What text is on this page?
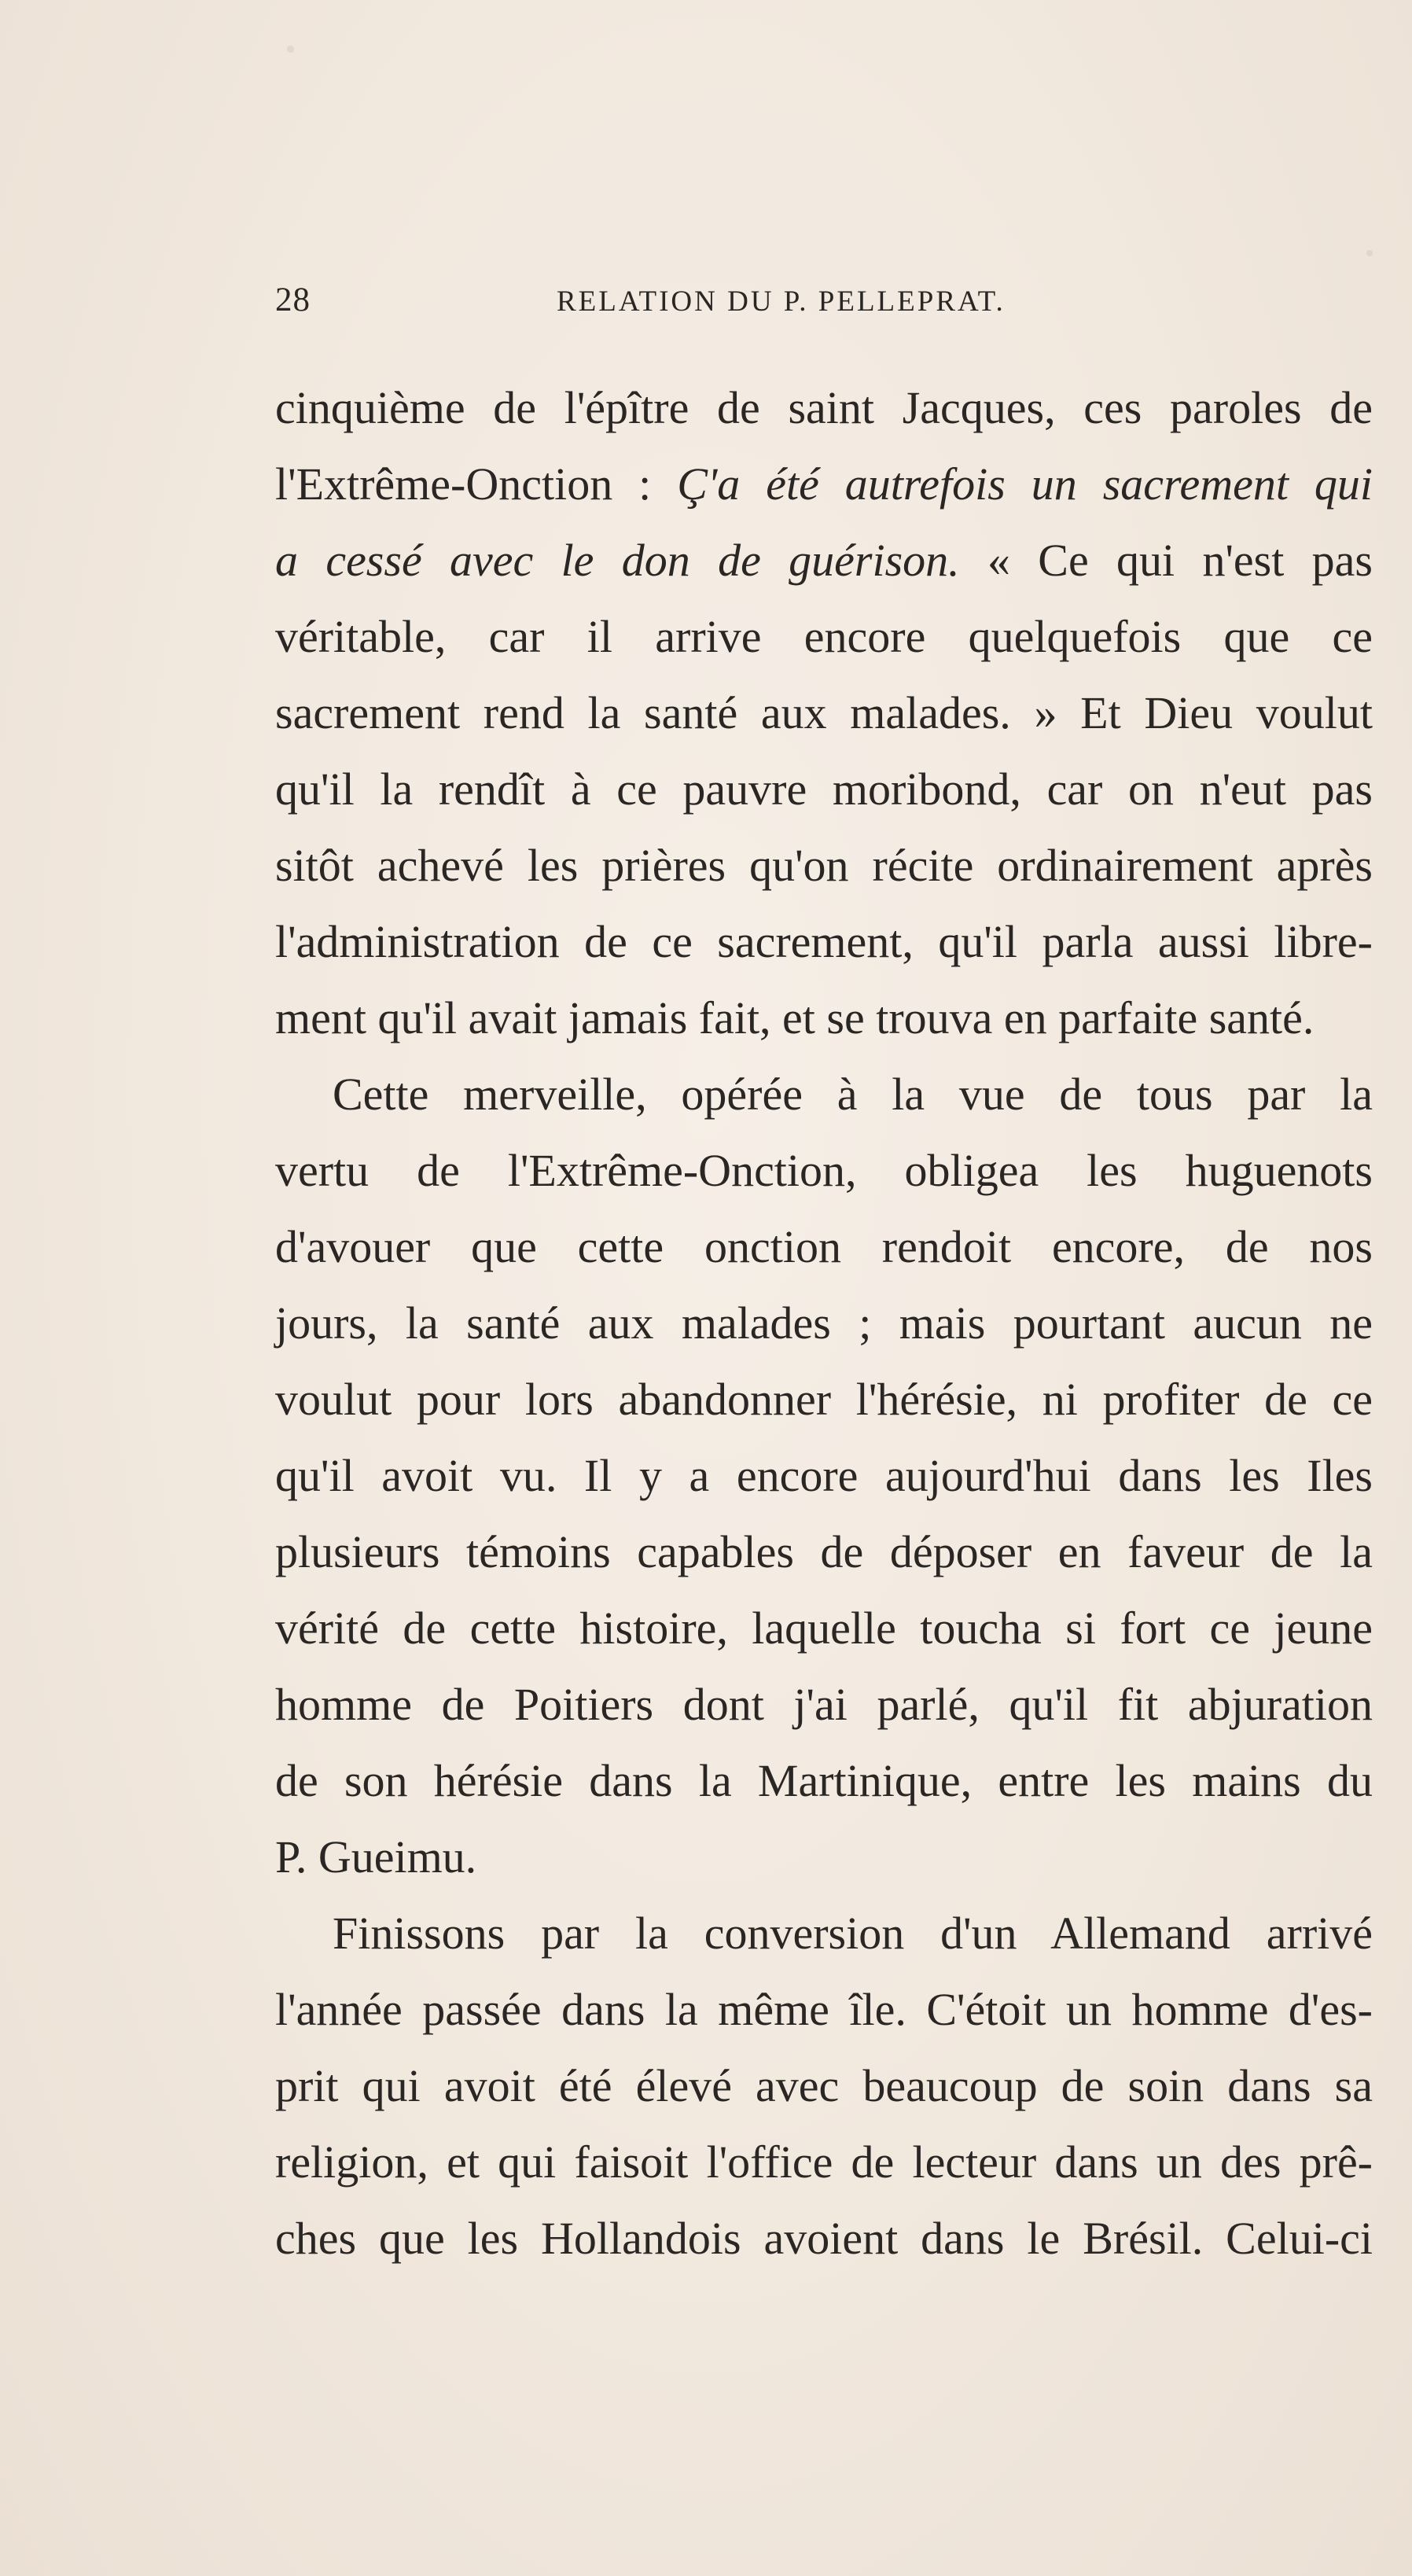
28	RELATION DU P. PELLEPRAT.
cinquième de l'épître de saint Jacques, ces paroles de
l'Extrême-Onction : Ç'a été autrefois un sacrement qui
a cessé avec le don de guérison. « Ce qui n'est pas
véritable, car il arrive encore quelquefois que ce
sacrement rend la santé aux malades. » Et Dieu voulut
qu'il la rendît à ce pauvre moribond, car on n'eut pas
sitôt achevé les prières qu'on récite ordinairement après
l'administration de ce sacrement, qu'il parla aussi libre-
ment qu'il avait jamais fait, et se trouva en parfaite santé.
Cette merveille, opérée à la vue de tous par la
vertu de l'Extrême-Onction, obligea les huguenots
d'avouer que cette onction rendoit encore, de nos
jours, la santé aux malades ; mais pourtant aucun ne
voulut pour lors abandonner l'hérésie, ni profiter de ce
qu'il avoit vu. Il y a encore aujourd'hui dans les Iles
plusieurs témoins capables de déposer en faveur de la
vérité de cette histoire, laquelle toucha si fort ce jeune
homme de Poitiers dont j'ai parlé, qu'il fit abjuration
de son hérésie dans la Martinique, entre les mains du
P. Gueimu.
Finissons par la conversion d'un Allemand arrivé
l'année passée dans la même île. C'étoit un homme d'es-
prit qui avoit été élevé avec beaucoup de soin dans sa
religion, et qui faisoit l'office de lecteur dans un des prê-
ches que les Hollandois avoient dans le Brésil. Celui-ci
